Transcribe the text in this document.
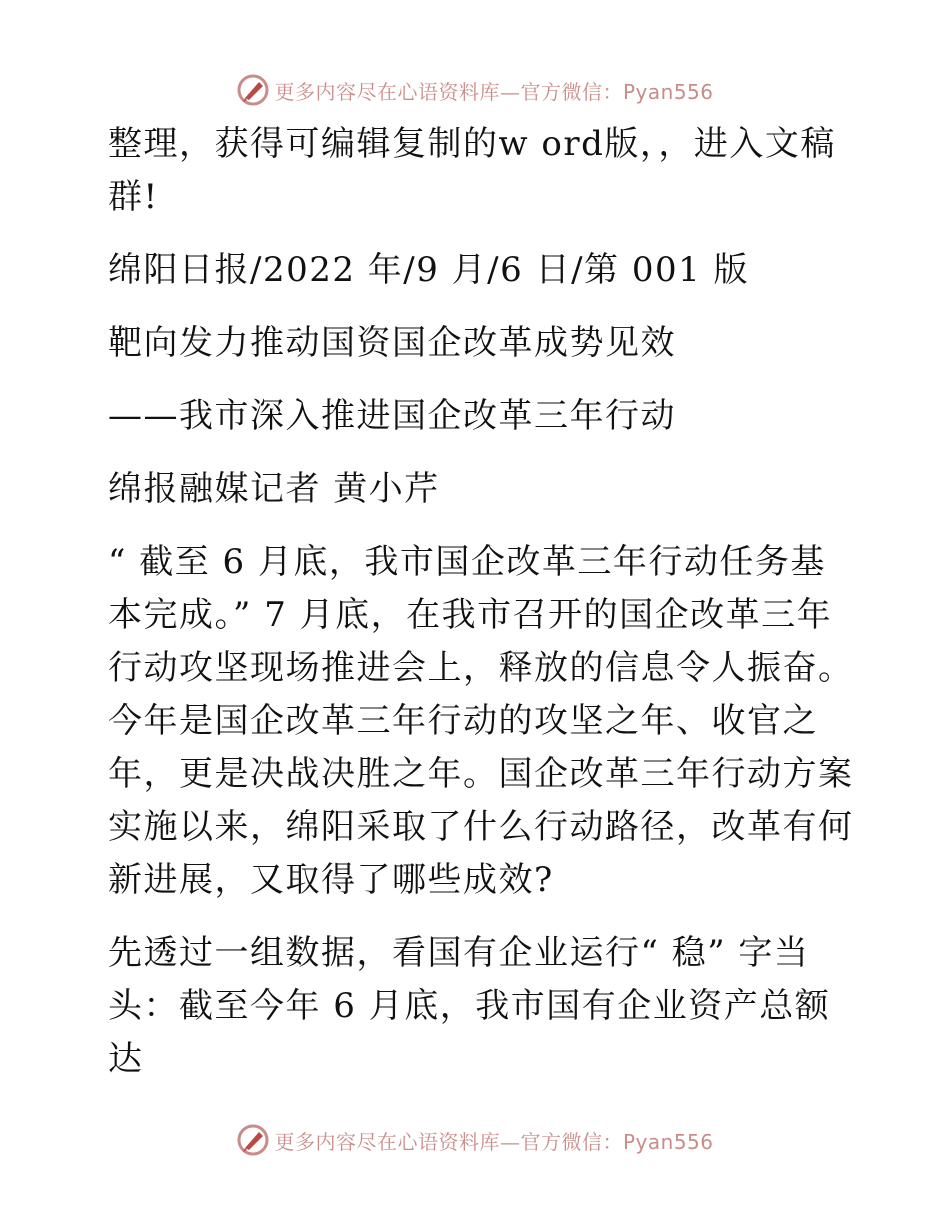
更多内容尽在心语资料库—官方微信：Pyan556

整理，获得可编辑复制的w ord版，，进入文稿群!

绵阳日报/2022 年/9 月/6 日/第 001 版

靶向发力推动国资国企改革成势见效

——我市深入推进国企改革三年行动

绵报融媒记者 黄小芹

“ 截至 6 月底，我市国企改革三年行动任务基本完成。” 7 月底，在我市召开的国企改革三年行动攻坚现场推进会上，释放的信息令人振奋。今年是国企改革三年行动的攻坚之年、收官之年，更是决战决胜之年。国企改革三年行动方案实施以来，绵阳采取了什么行动路径，改革有何新进展，又取得了哪些成效?

先透过一组数据，看国有企业运行“ 稳” 字当头：截至今年 6 月底，我市国有企业资产总额达

更多内容尽在心语资料库—官方微信：Pyan556
